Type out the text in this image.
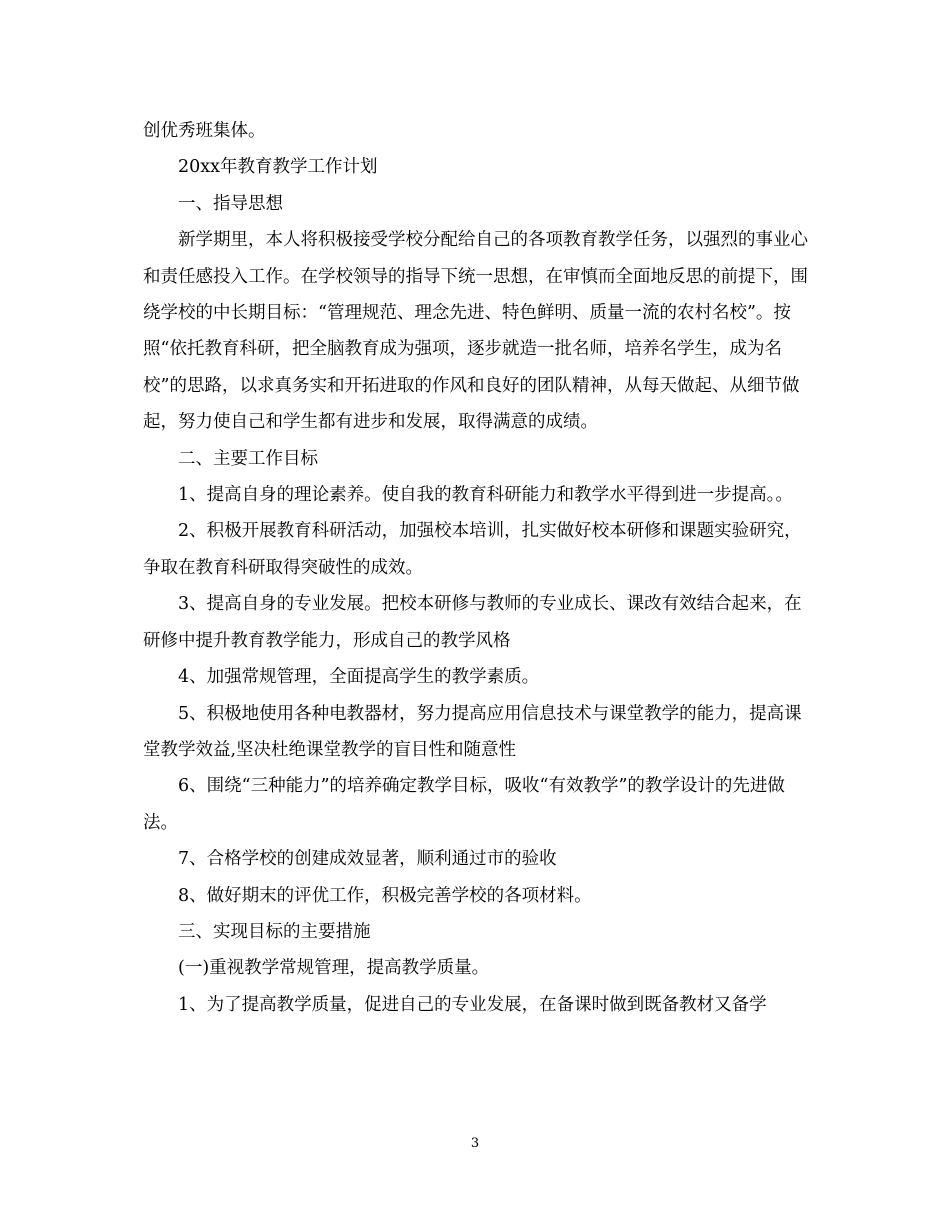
创优秀班集体。

20xx年教育教学工作计划

一、指导思想

新学期里，本人将积极接受学校分配给自己的各项教育教学任务，以强烈的事业心和责任感投入工作。在学校领导的指导下统一思想，在审慎而全面地反思的前提下，围绕学校的中长期目标：“管理规范、理念先进、特色鲜明、质量一流的农村名校”。按照“依托教育科研，把全脑教育成为强项，逐步就造一批名师，培养名学生，成为名校”的思路，以求真务实和开拓进取的作风和良好的团队精神，从每天做起、从细节做起，努力使自己和学生都有进步和发展，取得满意的成绩。

二、主要工作目标

1、提高自身的理论素养。使自我的教育科研能力和教学水平得到进一步提高。。

2、积极开展教育科研活动，加强校本培训，扎实做好校本研修和课题实验研究，争取在教育科研取得突破性的成效。

3、提高自身的专业发展。把校本研修与教师的专业成长、课改有效结合起来，在研修中提升教育教学能力，形成自己的教学风格

4、加强常规管理，全面提高学生的教学素质。

5、积极地使用各种电教器材，努力提高应用信息技术与课堂教学的能力，提高课堂教学效益,坚决杜绝课堂教学的盲目性和随意性

6、围绕“三种能力”的培养确定教学目标，吸收“有效教学”的教学设计的先进做法。

7、合格学校的创建成效显著，顺利通过市的验收

8、做好期末的评优工作，积极完善学校的各项材料。

三、实现目标的主要措施

(一)重视教学常规管理，提高教学质量。

1、为了提高教学质量，促进自己的专业发展，在备课时做到既备教材又备学

3
